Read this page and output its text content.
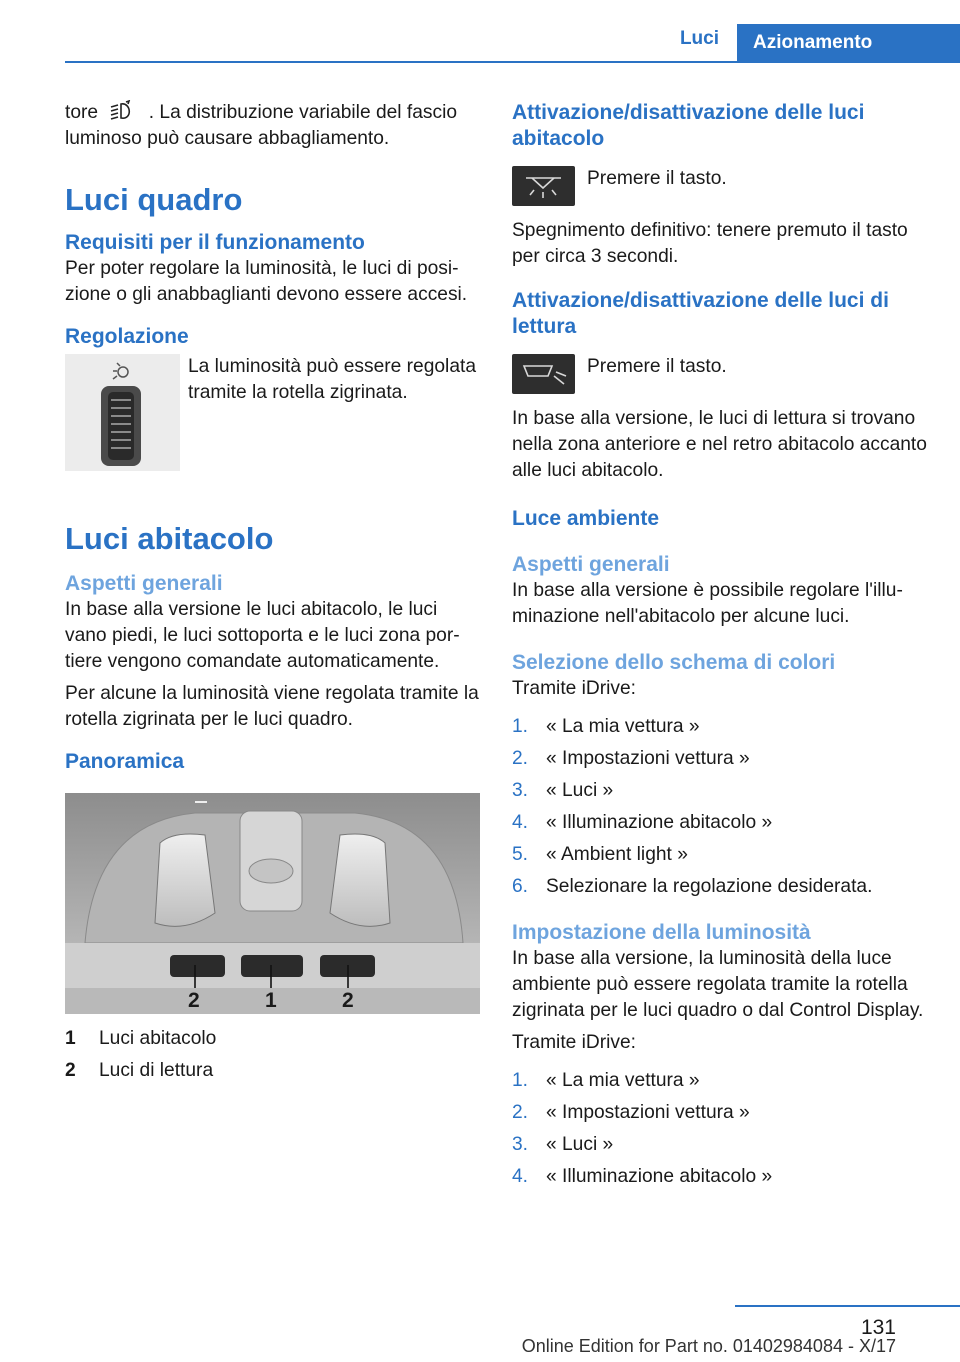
Luci	Azionamento

tore	. La distribuzione variabile del fascio luminoso può causare abbagliamento.

Luci quadro
Requisiti per il funzionamento

Per poter regolare la luminosità, le luci di posizione o gli anabbaglianti devono essere accesi.

Regolazione

La luminosità può essere regolata tramite la rotella zigrinata.

Luci abitacolo
Aspetti generali

In base alla versione le luci abitacolo, le luci vano piedi, le luci sottoporta e le luci zona portiere vengono comandate automaticamente.

Per alcune la luminosità viene regolata tramite la rotella zigrinata per le luci quadro.

Panoramica
2	1	2
1 Luci abitacolo
2 Luci di lettura
Attivazione/disattivazione delle luci abitacolo

Premere il tasto.

Spegnimento definitivo: tenere premuto il tasto per circa 3 secondi.

Attivazione/disattivazione delle luci di lettura

Premere il tasto.

In base alla versione, le luci di lettura si trovano nella zona anteriore e nel retro abitacolo accanto alle luci abitacolo.

Luce ambiente
Aspetti generali

In base alla versione è possibile regolare l'illuminazione nell'abitacolo per alcune luci.

Selezione dello schema di colori

Tramite iDrive:

1. « La mia vettura »
2. « Impostazioni vettura »
3. « Luci »
4. « Illuminazione abitacolo »
5. « Ambient light »
6. Selezionare la regolazione desiderata.
Impostazione della luminosità

In base alla versione, la luminosità della luce ambiente può essere regolata tramite la rotella zigrinata per le luci quadro o dal Control Display.

Tramite iDrive:

1. « La mia vettura »
2. « Impostazioni vettura »
3. « Luci »
4. « Illuminazione abitacolo »
131
Online Edition for Part no. 01402984084 - X/17
